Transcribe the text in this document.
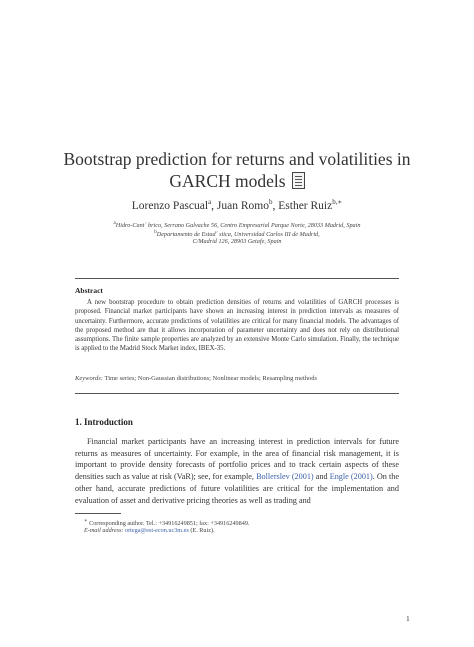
Bootstrap prediction for returns and volatilities in
GARCH models
Lorenzo Pascual$^a$, Juan Romo$^b$, Esther Ruiz$^{b,∗}$
$^a$Hidro-Cant´ brico, Serrano Galvache 56, Centro Empresarial Parque Norte, 28033 Madrid, Spain
$^b$Departamento de Estad´ stica, Universidad Carlos III de Madrid,
C/Madrid 126, 28903 Getafe, Spain
Abstract
A new bootstrap procedure to obtain prediction densities of returns and volatilities of GARCH processes is proposed. Financial market participants have shown an increasing interest in prediction intervals as measures of uncertainty. Furthermore, accurate predictions of volatilities are critical for many financial models. The advantages of the proposed method are that it allows incorporation of parameter uncertainty and does not rely on distributional assumptions. The finite sample properties are analyzed by an extensive Monte Carlo simulation. Finally, the technique is applied to the Madrid Stock Market index, IBEX-35.
Keywords: Time series; Non-Gaussian distributions; Nonlinear models; Resampling methods
1. Introduction
Financial market participants have an increasing interest in prediction intervals for future returns as measures of uncertainty. For example, in the area of financial risk management, it is important to provide density forecasts of portfolio prices and to track certain aspects of these densities such as value at risk (VaR); see, for example, Bollerslev (2001) and Engle (2001). On the other hand, accurate predictions of future volatilities are critical for the implementation and evaluation of asset and derivative pricing theories as well as trading and
∗ Corresponding author. Tel.: +34916249851; fax: +34916249849.
E-mail address: ortega@est-econ.uc3m.es (E. Ruiz).
1
